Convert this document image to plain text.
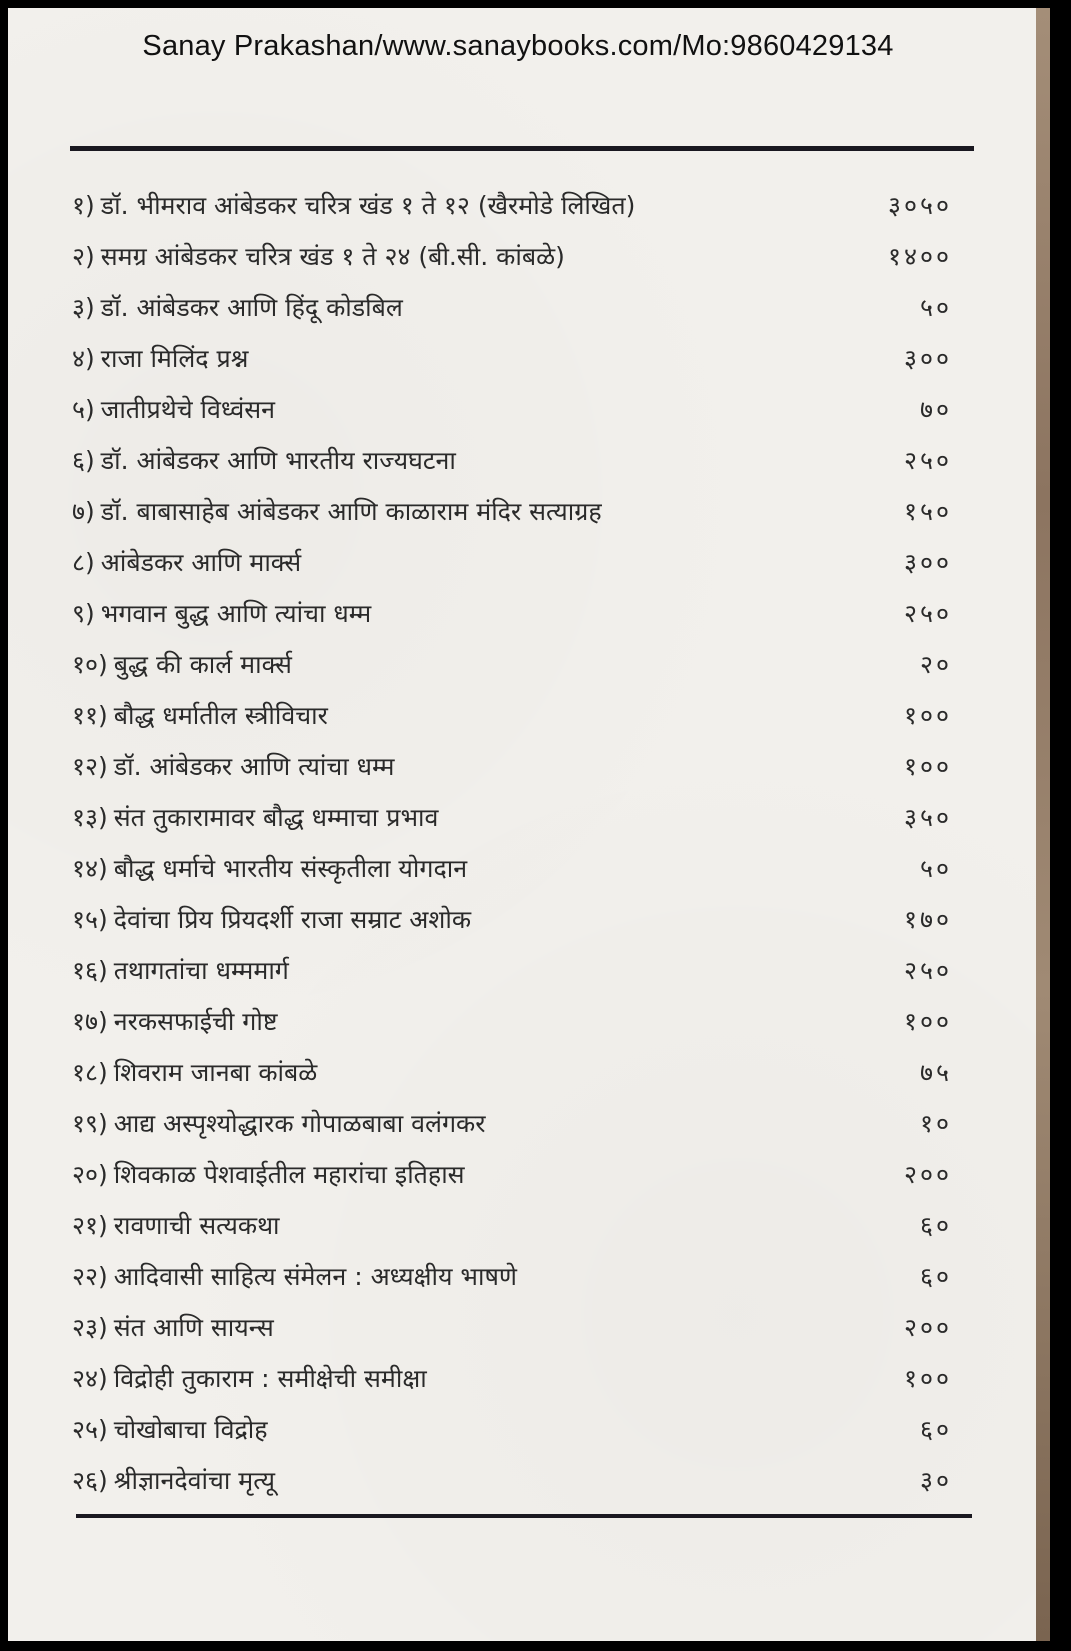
Sanay Prakashan/www.sanaybooks.com/Mo:9860429134
१) डॉ. भीमराव आंबेडकर चरित्र खंड १ ते १२ (खैरमोडे लिखित)	३०५०
२) समग्र आंबेडकर चरित्र खंड १ ते २४ (बी.सी. कांबळे)	१४००
३) डॉ. आंबेडकर आणि हिंदू कोडबिल	५०
४) राजा मिलिंद प्रश्न	३००
५) जातीप्रथेचे विध्वंसन	७०
६) डॉ. आंबेडकर आणि भारतीय राज्यघटना	२५०
७) डॉ. बाबासाहेब आंबेडकर आणि काळाराम मंदिर सत्याग्रह	१५०
८) आंबेडकर आणि मार्क्स	३००
९) भगवान बुद्ध आणि त्यांचा धम्म	२५०
१०) बुद्ध की कार्ल मार्क्स	२०
११) बौद्ध धर्मातील स्त्रीविचार	१००
१२) डॉ. आंबेडकर आणि त्यांचा धम्म	१००
१३) संत तुकारामावर बौद्ध धम्माचा प्रभाव	३५०
१४) बौद्ध धर्माचे भारतीय संस्कृतीला योगदान	५०
१५) देवांचा प्रिय प्रियदर्शी राजा सम्राट अशोक	१७०
१६) तथागतांचा धम्ममार्ग	२५०
१७) नरकसफाईची गोष्ट	१००
१८) शिवराम जानबा कांबळे	७५
१९) आद्य अस्पृश्योद्धारक गोपाळबाबा वलंगकर	१०
२०) शिवकाळ पेशवाईतील महारांचा इतिहास	२००
२१) रावणाची सत्यकथा	६०
२२) आदिवासी साहित्य संमेलन : अध्यक्षीय भाषणे	६०
२३) संत आणि सायन्स	२००
२४) विद्रोही तुकाराम : समीक्षेची समीक्षा	१००
२५) चोखोबाचा विद्रोह	६०
२६) श्रीज्ञानदेवांचा मृत्यू	३०
